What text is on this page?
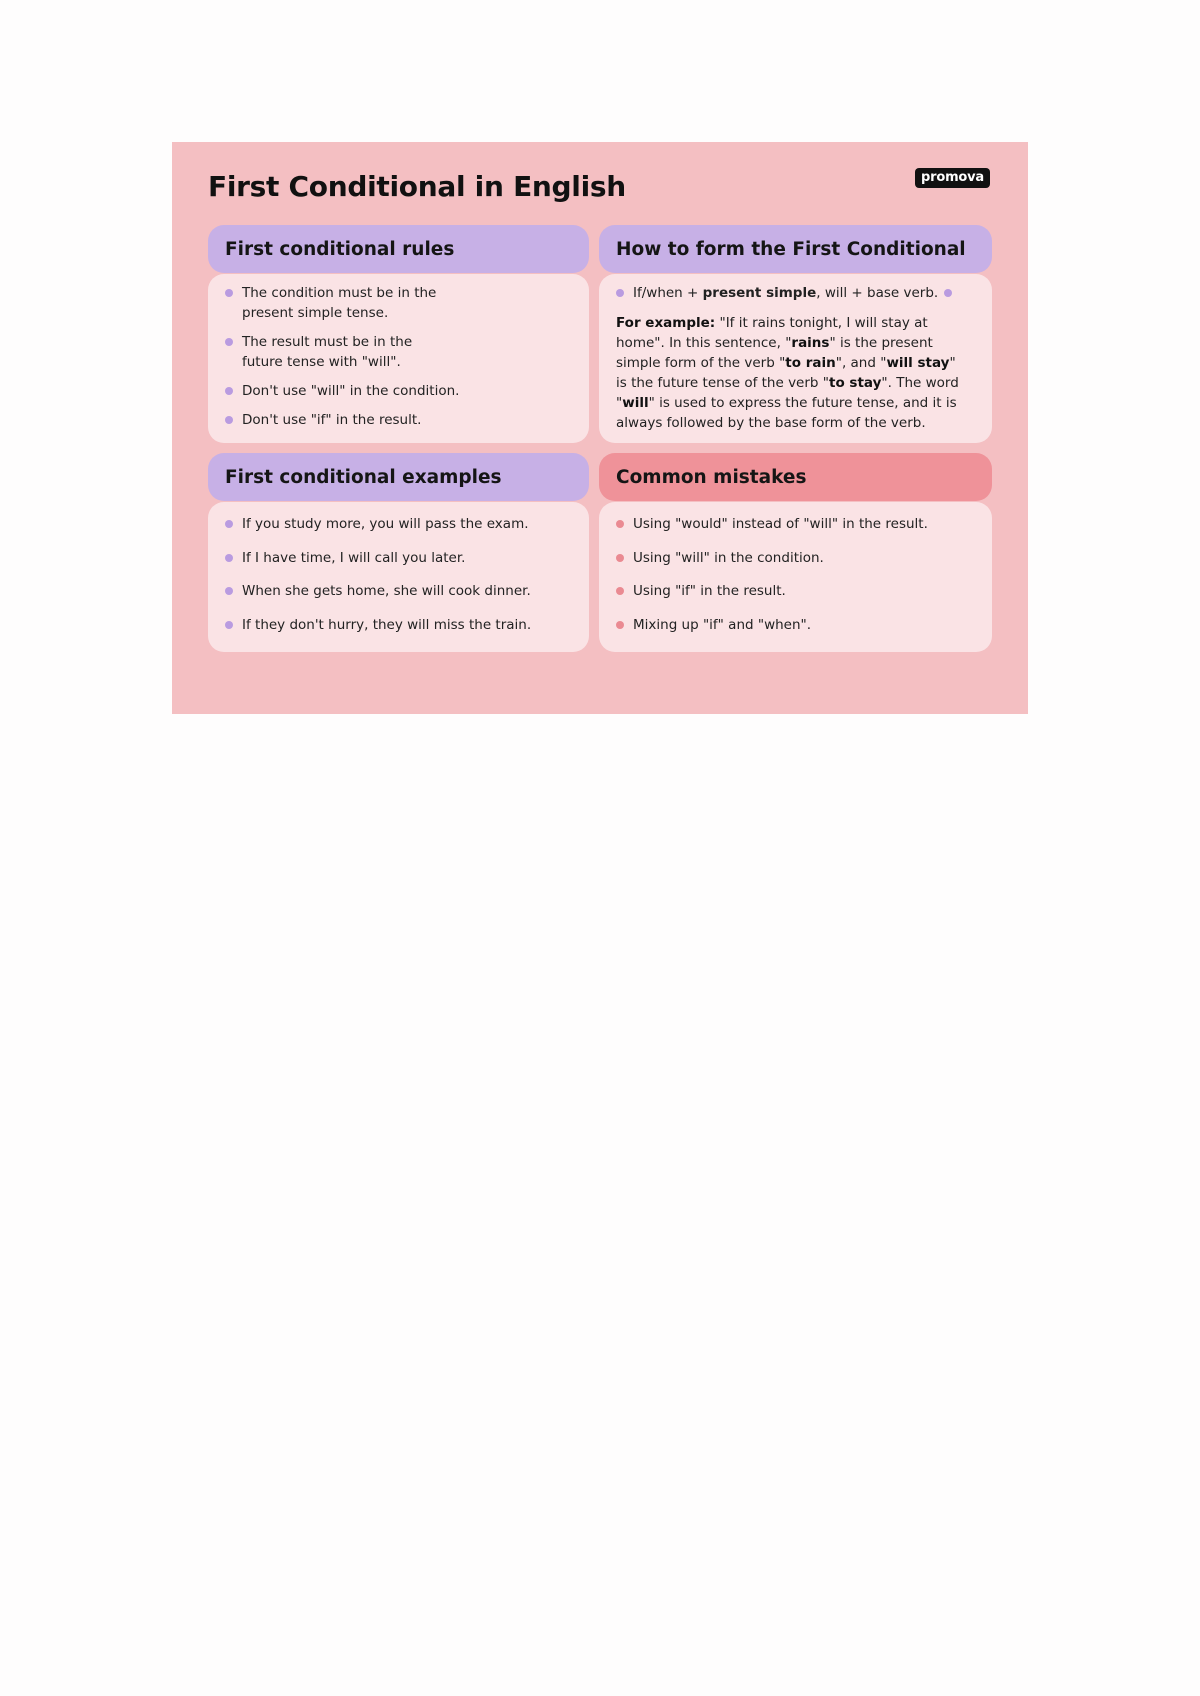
First Conditional in English	promova
First conditional rules
The condition must be in the present simple tense.
The result must be in the future tense with "will".
Don't use "will" in the condition.
Don't use "if" in the result.
How to form the First Conditional
If/when + present simple, will + base verb.
For example: "If it rains tonight, I will stay at home". In this sentence, "rains" is the present simple form of the verb "to rain", and "will stay" is the future tense of the verb "to stay". The word "will" is used to express the future tense, and it is always followed by the base form of the verb.
First conditional examples
If you study more, you will pass the exam.
If I have time, I will call you later.
When she gets home, she will cook dinner.
If they don't hurry, they will miss the train.
Common mistakes
Using "would" instead of "will" in the result.
Using "will" in the condition.
Using "if" in the result.
Mixing up "if" and "when".
